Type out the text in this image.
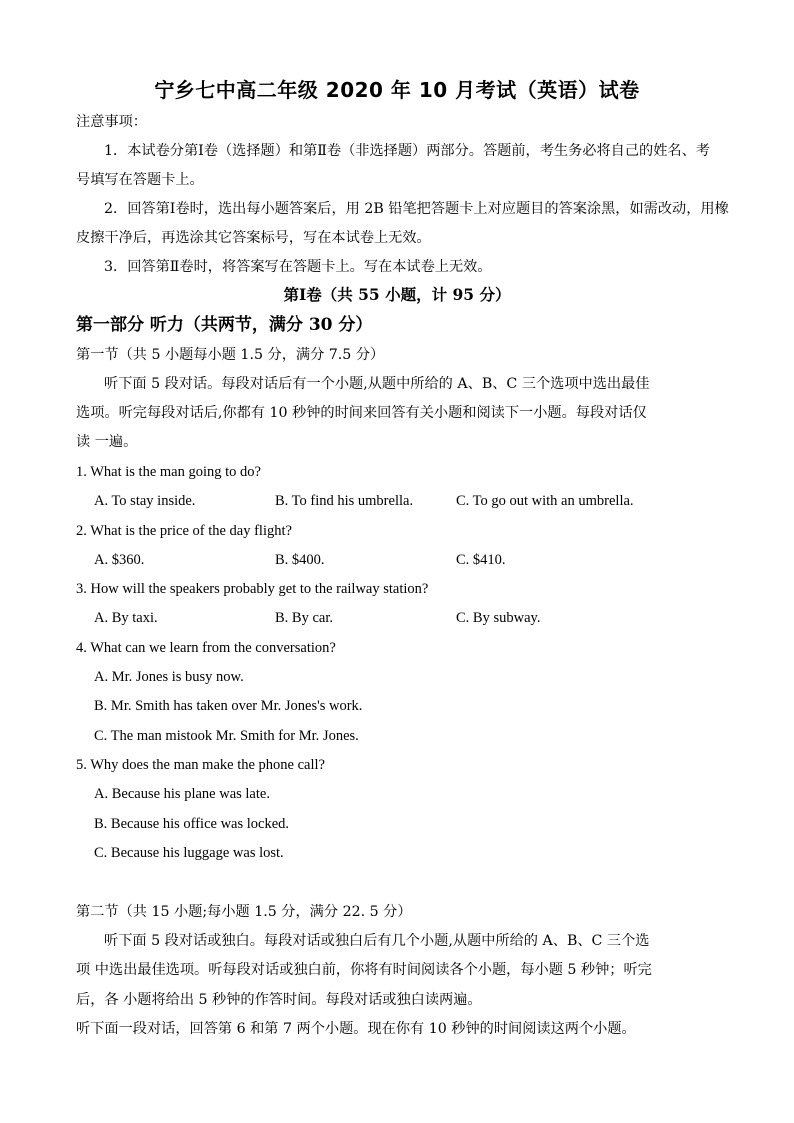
宁乡七中高二年级 2020 年 10 月考试（英语）试卷
注意事项：
1．本试卷分第Ⅰ卷（选择题）和第Ⅱ卷（非选择题）两部分。答题前，考生务必将自己的姓名、考
号填写在答题卡上。
2．回答第Ⅰ卷时，选出每小题答案后，用 2B 铅笔把答题卡上对应题目的答案涂黑，如需改动，用橡
皮擦干净后，再选涂其它答案标号，写在本试卷上无效。
3．回答第Ⅱ卷时，将答案写在答题卡上。写在本试卷上无效。
第Ⅰ卷（共 55 小题，计 95 分）
第一部分 听力（共两节，满分 30 分）
第一节（共 5 小题每小题 1.5 分，满分 7.5 分）
听下面 5 段对话。每段对话后有一个小题,从题中所给的 A、B、C 三个选项中选出最佳
选项。听完每段对话后,你都有 10 秒钟的时间来回答有关小题和阅读下一小题。每段对话仅
读 一遍。
1. What is the man going to do?
A. To stay inside.	B. To find his umbrella.	C. To go out with an umbrella.
2. What is the price of the day flight?
A. $360.	B. $400.	C. $410.
3. How will the speakers probably get to the railway station?
A. By taxi.	B. By car.	C. By subway.
4. What can we learn from the conversation?
A. Mr. Jones is busy now.
B. Mr. Smith has taken over Mr. Jones's work.
C. The man mistook Mr. Smith for Mr. Jones.
5. Why does the man make the phone call?
A. Because his plane was late.
B. Because his office was locked.
C. Because his luggage was lost.
第二节（共 15 小题;每小题 1.5 分，满分 22. 5 分）
听下面 5 段对话或独白。每段对话或独白后有几个小题,从题中所给的 A、B、C 三个选
项 中选出最佳选项。听每段对话或独白前，你将有时间阅读各个小题，每小题 5 秒钟；听完
后，各 小题将给出 5 秒钟的作答时间。每段对话或独白读两遍。
听下面一段对话，回答第 6 和第 7 两个小题。现在你有 10 秒钟的时间阅读这两个小题。
